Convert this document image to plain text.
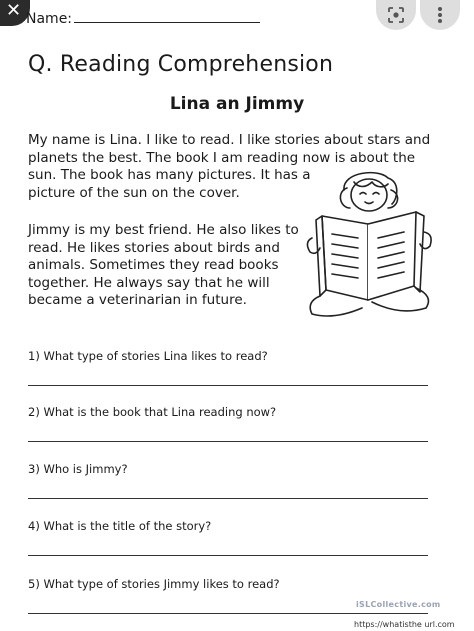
✕ Name:
Q. Reading Comprehension
Lina an Jimmy
My name is Lina. I like to read. I like stories about stars and
planets the best. The book I am reading now is about the
sun. The book has many pictures. It has a
picture of the sun on the cover.
Jimmy is my best friend. He also likes to
read. He likes stories about birds and
animals. Sometimes they read books
together. He always say that he will
became a veterinarian in future.
1) What type of stories Lina likes to read?
2) What is the book that Lina reading now?
3) Who is Jimmy?
4) What is the title of the story?
5) What type of stories Jimmy likes to read?
iSLCollective.com
https://whatisthe url.com
